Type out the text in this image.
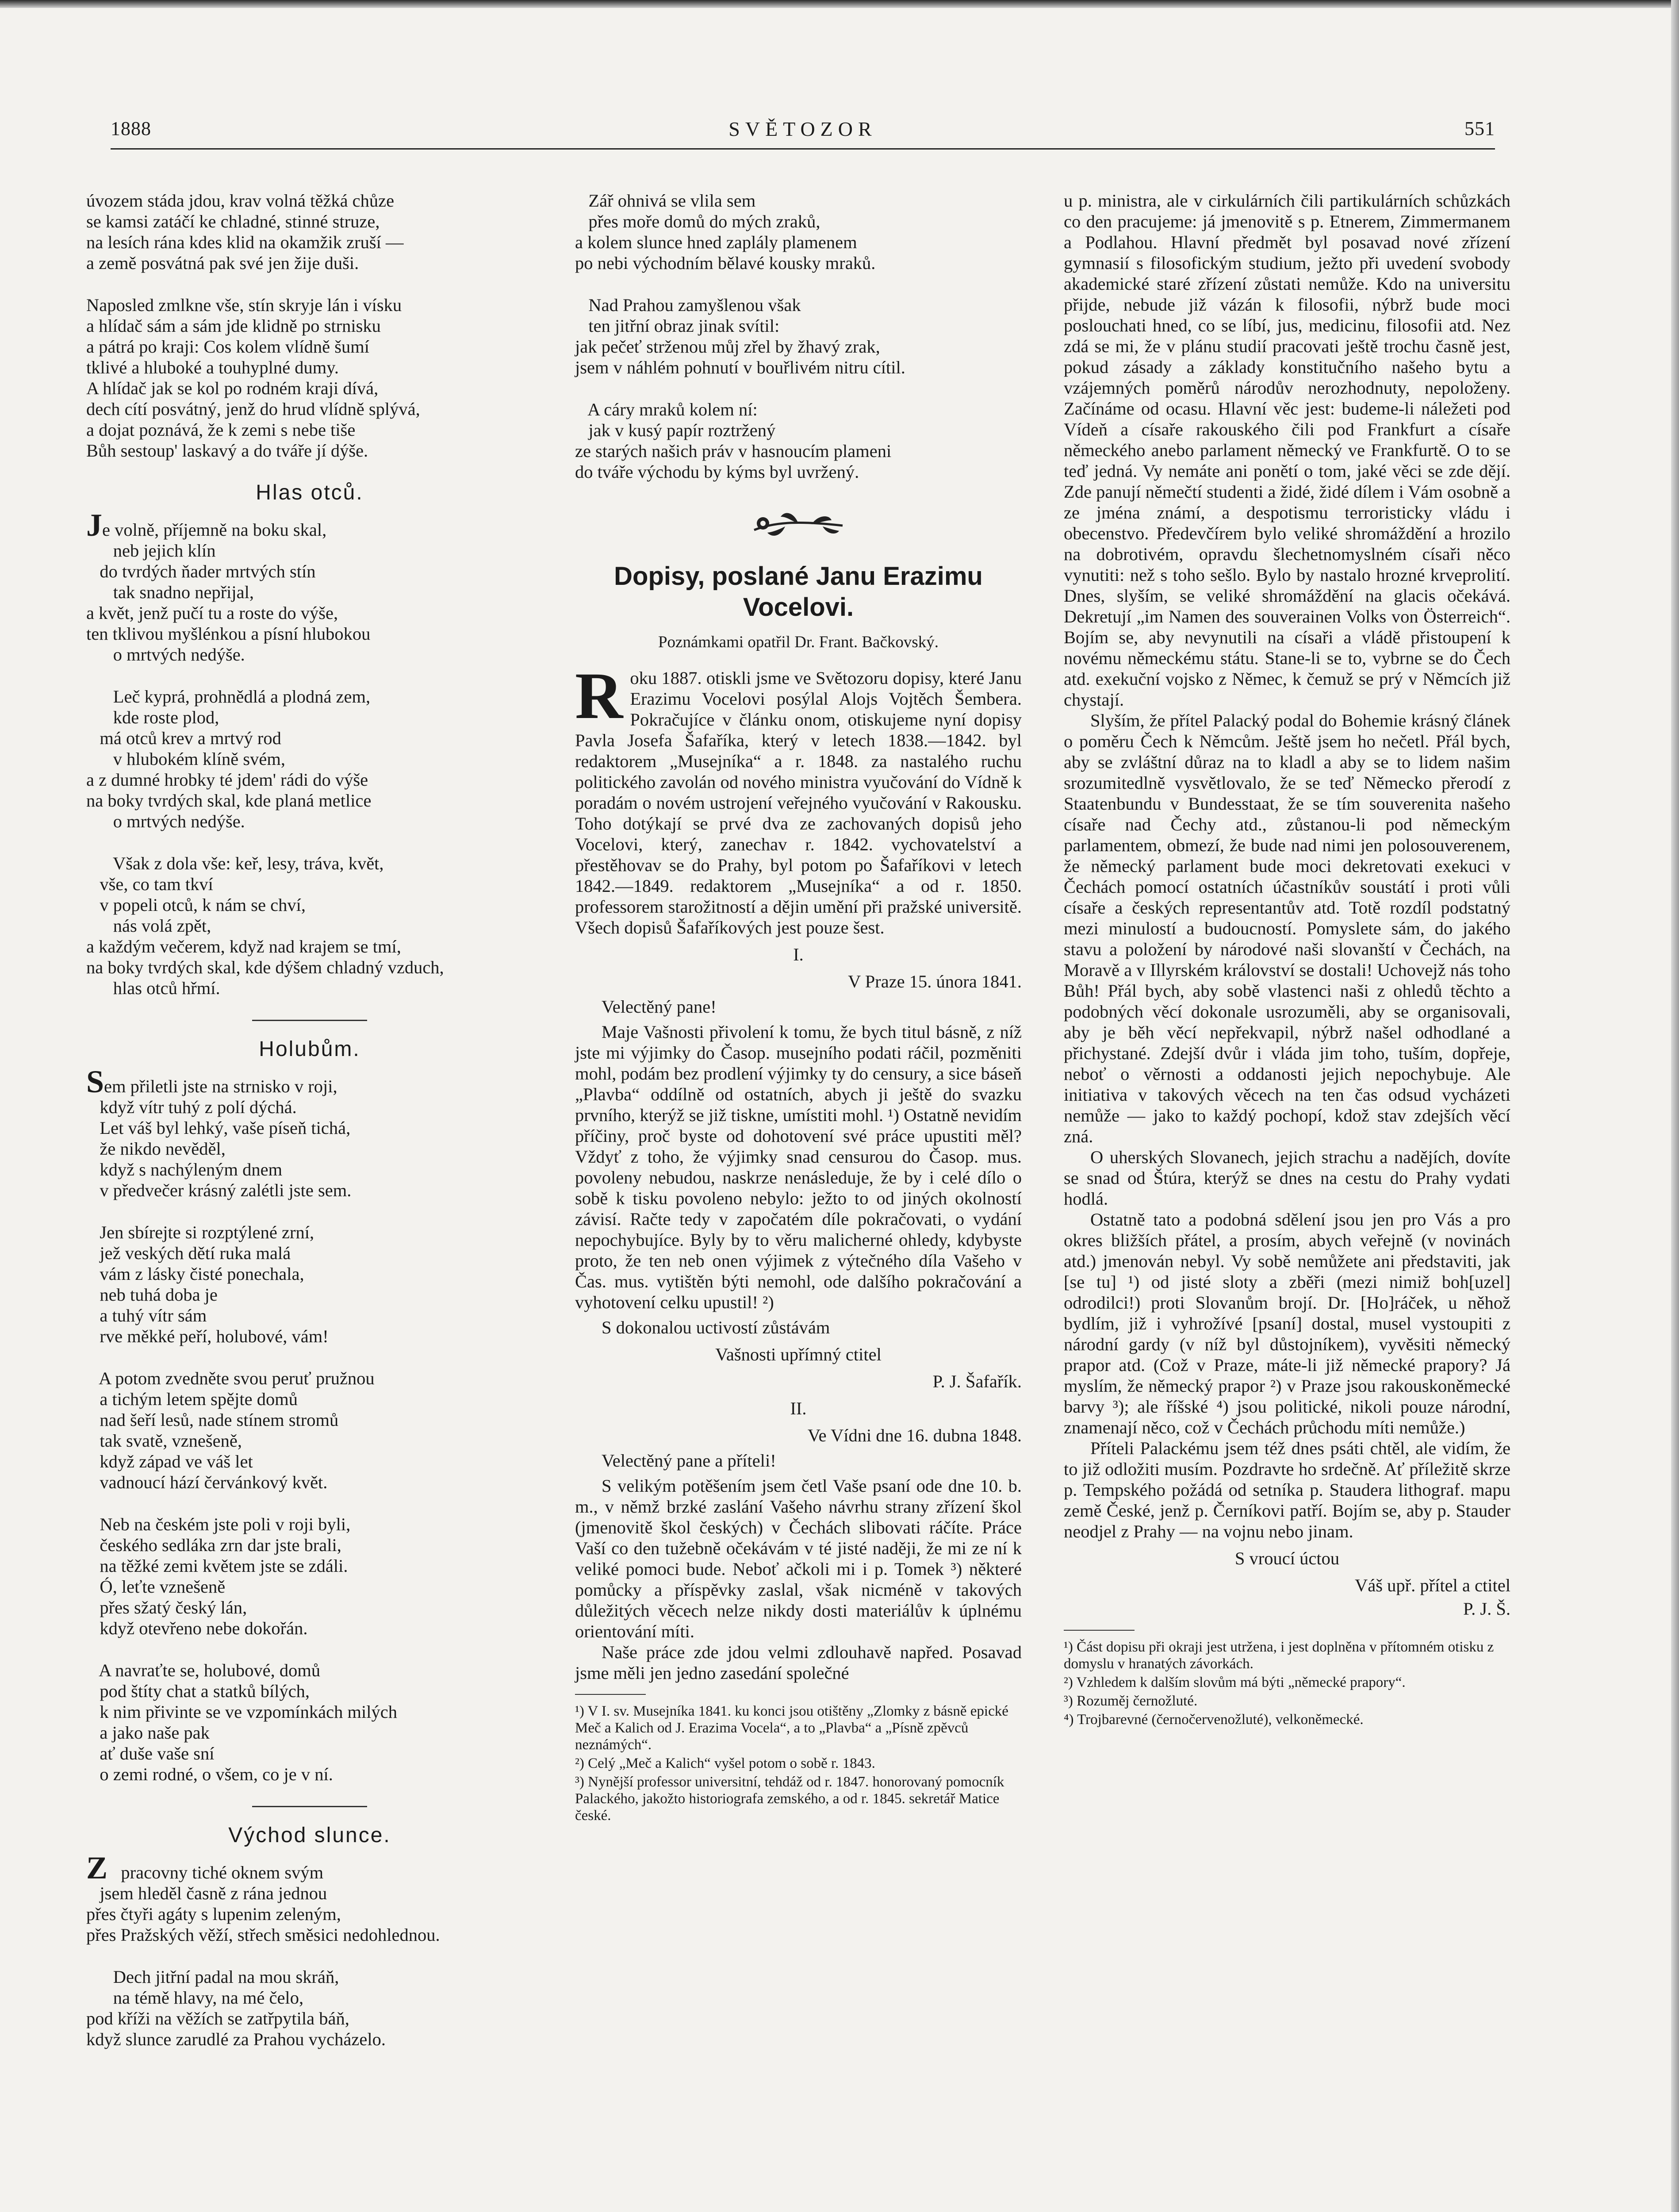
1888	SVĚTOZOR	551

úvozem stáda jdou, krav volná těžká chůze

se kamsi zatáčí ke chladné, stinné struze,

na lesích rána kdes klid na okamžik zruší —

a země posvátná pak své jen žije duši.

Naposled zmlkne vše, stín skryje lán i vísku

a hlídač sám a sám jde klidně po strnisku

a pátrá po kraji: Cos kolem vlídně šumí

tklivé a hluboké a touhyplné dumy.

A hlídač jak se kol po rodném kraji dívá,

dech cítí posvátný, jenž do hrud vlídně splývá,

a dojat poznává, že k zemi s nebe tiše

Bůh sestoup' laskavý a do tváře jí dýše.

Hlas otců.

Je volně, příjemně na boku skal,

neb jejich klín

do tvrdých ňader mrtvých stín

tak snadno nepřijal,

a květ, jenž pučí tu a roste do výše,

ten tklivou myšlénkou a písní hlubokou

o mrtvých nedýše.

Leč kyprá, prohnědlá a plodná zem,

kde roste plod,

má otců krev a mrtvý rod

v hlubokém klíně svém,

a z dumné hrobky té jdem' rádi do výše

na boky tvrdých skal, kde planá metlice

o mrtvých nedýše.

Však z dola vše: keř, lesy, tráva, květ,

vše, co tam tkví

v popeli otců, k nám se chví,

nás volá zpět,

a každým večerem, když nad krajem se tmí,

na boky tvrdých skal, kde dýšem chladný vzduch,

hlas otců hřmí.

Holubům.

Sem přiletli jste na strnisko v roji,

když vítr tuhý z polí dýchá.

Let váš byl lehký, vaše píseň tichá,

že nikdo nevěděl,

když s nachýleným dnem

v předvečer krásný zalétli jste sem.

Jen sbírejte si rozptýlené zrní,

jež veských dětí ruka malá

vám z lásky čisté ponechala,

neb tuhá doba je

a tuhý vítr sám

rve měkké peří, holubové, vám!

A potom zvedněte svou peruť pružnou

a tichým letem spějte domů

nad šeří lesů, nade stínem stromů

tak svatě, vznešeně,

když západ ve váš let

vadnoucí hází červánkový květ.

Neb na českém jste poli v roji byli,

českého sedláka zrn dar jste brali,

na těžké zemi květem jste se zdáli.

Ó, leťte vznešeně

přes sžatý český lán,

když otevřeno nebe dokořán.

A navraťte se, holubové, domů

pod štíty chat a statků bílých,

k nim přivinte se ve vzpomínkách milých

a jako naše pak

ať duše vaše sní

o zemi rodné, o všem, co je v ní.

Východ slunce.

Z   pracovny tiché oknem svým

jsem hleděl časně z rána jednou

přes čtyři agáty s lupenim zeleným,

přes Pražských věží, střech směsici nedohlednou.

Dech jitřní padal na mou skráň,

na témě hlavy, na mé čelo,

pod kříži na věžích se zatřpytila báň,

když slunce zarudlé za Prahou vycházelo.

Zář ohnivá se vlila sem

přes moře domů do mých zraků,

a kolem slunce hned zaplály plamenem

po nebi východním bělavé kousky mraků.

Nad Prahou zamyšlenou však

ten jitřní obraz jinak svítil:

jak pečeť strženou můj zřel by žhavý zrak,

jsem v náhlém pohnutí v bouřlivém nitru cítil.

A cáry mraků kolem ní:

jak v kusý papír roztržený

ze starých našich práv v hasnoucím plameni

do tváře východu by kýms byl uvržený.

Dopisy, poslané Janu Erazimu Vocelovi.
Poznámkami opatřil Dr. Frant. Bačkovský.

Roku 1887. otiskli jsme ve Světozoru dopisy, které Janu Erazimu Vocelovi posýlal Alojs Vojtěch Šembera. Pokračujíce v článku onom, otiskujeme nyní dopisy Pavla Josefa Šafaříka, který v letech 1838.—1842. byl redaktorem „Musejníka“ a r. 1848. za nastalého ruchu politického zavolán od nového ministra vyučování do Vídně k poradám o novém ustrojení veřejného vyučování v Rakousku. Toho dotýkají se prvé dva ze zachovaných dopisů jeho Vocelovi, který, zanechav r. 1842. vychovatelství a přestěhovav se do Prahy, byl potom po Šafaříkovi v letech 1842.—1849. redaktorem „Musejníka“ a od r. 1850. professorem starožitností a dějin umění při pražské universitě. Všech dopisů Šafaříkových jest pouze šest.

I.
V Praze 15. února 1841.
Velectěný pane!

Maje Vašnosti přivolení k tomu, že bych titul básně, z níž jste mi výjimky do Časop. musejního podati ráčil, pozměniti mohl, podám bez prodlení výjimky ty do censury, a sice báseň „Plavba“ oddílně od ostatních, abych ji ještě do svazku prvního, kterýž se již tiskne, umístiti mohl. ¹) Ostatně nevidím příčiny, proč byste od dohotovení své práce upustiti měl? Vždyť z toho, že výjimky snad censurou do Časop. mus. povoleny nebudou, naskrze nenásleduje, že by i celé dílo o sobě k tisku povoleno nebylo: ježto to od jiných okolností závisí. Račte tedy v započatém díle pokračovati, o vydání nepochybujíce. Byly by to věru malicherné ohledy, kdybyste proto, že ten neb onen výjimek z výtečného díla Vašeho v Čas. mus. vytištěn býti nemohl, ode dalšího pokračování a vyhotovení celku upustil! ²)

S dokonalou uctivostí zůstávám
Vašnosti upřímný ctitel
P. J. Šafařík.
II.
Ve Vídni dne 16. dubna 1848.
Velectěný pane a příteli!

S velikým potěšením jsem četl Vaše psaní ode dne 10. b. m., v němž brzké zaslání Vašeho návrhu strany zřízení škol (jmenovitě škol českých) v Čechách slibovati ráčíte. Práce Vaší co den tužebně očekávám v té jisté naději, že mi ze ní k veliké pomoci bude. Neboť ačkoli mi i p. Tomek ³) některé pomůcky a příspěvky zaslal, však nicméně v takových důležitých věcech nelze nikdy dosti materiálův k úplnému orientování míti.

Naše práce zde jdou velmi zdlouhavě napřed. Posavad jsme měli jen jedno zasedání společné

¹) V I. sv. Musejníka 1841. ku konci jsou otištěny „Zlomky z básně epické Meč a Kalich od J. Erazima Vocela“, a to „Plavba“ a „Písně zpěvců neznámých“.

²) Celý „Meč a Kalich“ vyšel potom o sobě r. 1843.

³) Nynější professor universitní, tehdáž od r. 1847. honorovaný pomocník Palackého, jakožto historiografa zemského, a od r. 1845. sekretář Matice české.

u p. ministra, ale v cirkulárních čili partikulárních schůzkách co den pracujeme: já jmenovitě s p. Etnerem, Zimmermanem a Podlahou. Hlavní předmět byl posavad nové zřízení gymnasií s filosofickým studium, ježto při uvedení svobody akademické staré zřízení zůstati nemůže. Kdo na universitu přijde, nebude již vázán k filosofii, nýbrž bude moci poslouchati hned, co se líbí, jus, medicinu, filosofii atd. Nez zdá se mi, že v plánu studií pracovati ještě trochu časně jest, pokud zásady a základy konstitučního našeho bytu a vzájemných poměrů národův nerozhodnuty, nepoloženy. Začínáme od ocasu. Hlavní věc jest: budeme-li náležeti pod Vídeň a císaře rakouského čili pod Frankfurt a císaře německého anebo parlament německý ve Frankfurtě. O to se teď jedná. Vy nemáte ani ponětí o tom, jaké věci se zde dějí. Zde panují němečtí studenti a židé, židé dílem i Vám osobně a ze jména známí, a despotismu terroristicky vládu i obecenstvo. Předevčírem bylo veliké shromáždění a hrozilo na dobrotivém, opravdu šlechetnomyslném císaři něco vynutiti: než s toho sešlo. Bylo by nastalo hrozné krveprolití. Dnes, slyším, se veliké shromáždění na glacis očekává. Dekretují „im Namen des souverainen Volks von Österreich“. Bojím se, aby nevynutili na císaři a vládě přistoupení k novému německému státu. Stane-li se to, vybrne se do Čech atd. exekuční vojsko z Němec, k čemuž se prý v Němcích již chystají.

Slyším, že přítel Palacký podal do Bohemie krásný článek o poměru Čech k Němcům. Ještě jsem ho nečetl. Přál bych, aby se zvláštní důraz na to kladl a aby se to lidem našim srozumitedlně vysvětlovalo, že se teď Německo přerodí z Staatenbundu v Bundesstaat, že se tím souverenita našeho císaře nad Čechy atd., zůstanou-li pod německým parlamentem, obmezí, že bude nad nimi jen polosouverenem, že německý parlament bude moci dekretovati exekuci v Čechách pomocí ostatních účastníkův soustátí i proti vůli císaře a českých representantův atd. Totě rozdíl podstatný mezi minulostí a budoucností. Pomyslete sám, do jakého stavu a položení by národové naši slovanští v Čechách, na Moravě a v Illyrském království se dostali! Uchovejž nás toho Bůh! Přál bych, aby sobě vlastenci naši z ohledů těchto a podobných věcí dokonale usrozuměli, aby se organisovali, aby je běh věcí nepřekvapil, nýbrž našel odhodlané a přichystané. Zdejší dvůr i vláda jim toho, tuším, dopřeje, neboť o věrnosti a oddanosti jejich nepochybuje. Ale initiativa v takových věcech na ten čas odsud vycházeti nemůže — jako to každý pochopí, kdož stav zdejších věcí zná.

O uherských Slovanech, jejich strachu a nadějích, dovíte se snad od Štúra, kterýž se dnes na cestu do Prahy vydati hodlá.

Ostatně tato a podobná sdělení jsou jen pro Vás a pro okres bližších přátel, a prosím, abych veřejně (v novinách atd.) jmenován nebyl. Vy sobě nemůžete ani představiti, jak [se tu] ¹) od jisté sloty a zběři (mezi nimiž boh[uzel] odrodilci!) proti Slovanům brojí. Dr. [Ho]ráček, u něhož bydlím, již i vyhrožívé [psaní] dostal, musel vystoupiti z národní gardy (v níž byl důstojníkem), vyvěsiti německý prapor atd. (Což v Praze, máte-li již německé prapory? Já myslím, že německý prapor ²) v Praze jsou rakouskoněmecké barvy ³); ale říšské ⁴) jsou politické, nikoli pouze národní, znamenají něco, což v Čechách průchodu míti nemůže.)

Příteli Palackému jsem též dnes psáti chtěl, ale vidím, že to již odložiti musím. Pozdravte ho srdečně. Ať příležitě skrze p. Tempského požádá od setníka p. Staudera lithograf. mapu země České, jenž p. Černíkovi patří. Bojím se, aby p. Stauder neodjel z Prahy — na vojnu nebo jinam.

S vroucí úctou
Váš upř. přítel a ctitel
P. J. Š.

¹) Část dopisu při okraji jest utržena, i jest doplněna v přítomném otisku z domyslu v hranatých závorkách.

²) Vzhledem k dalším slovům má býti „německé prapory“.

³) Rozuměj černožluté.

⁴) Trojbarevné (černočervenožluté), velkoněmecké.
